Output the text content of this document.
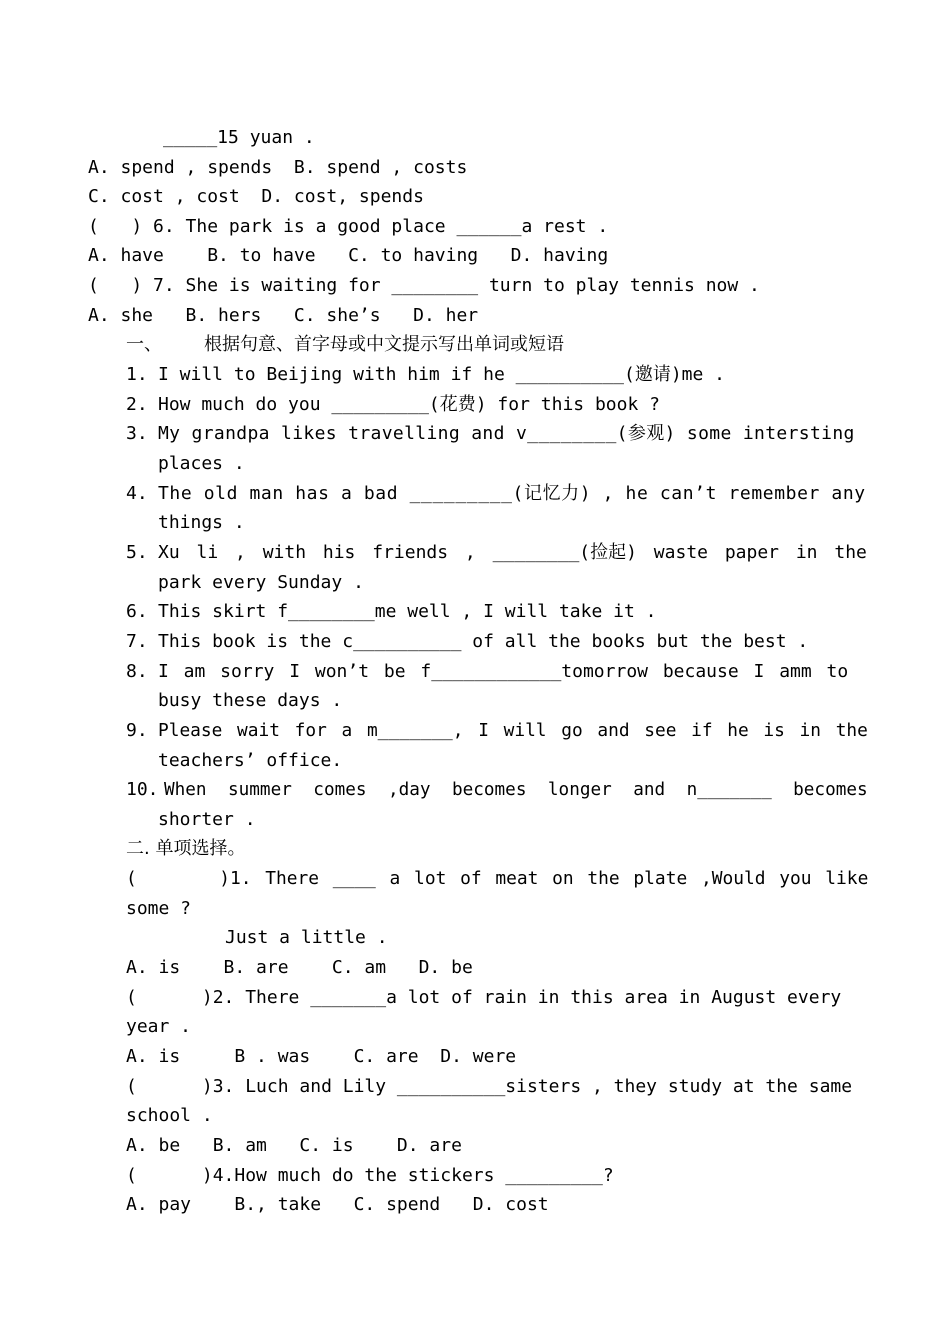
_____15 yuan .
A. spend , spends  B. spend , costs
C. cost , cost  D. cost, spends
(   ) 6. The park is a good place ______a rest .
A. have    B. to have   C. to having   D. having
(   ) 7. She is waiting for ________ turn to play tennis now .
A. she   B. hers   C. she’s   D. her
一、 根据句意、首字母或中文提示写出单词或短语
1. I will to Beijing with him if he __________(邀请)me .
2. How much do you _________(花费) for this book ?
3. My grandpa likes travelling and v________(参观) some intersting
places .
4. The old man has a bad _________(记忆力) , he can’t remember any
things .
5. Xu li , with his friends , ________(捡起) waste paper in the
park every Sunday .
6. This skirt f________me well , I will take it .
7. This book is the c__________ of all the books but the best .
8. I am sorry I won’t be f____________tomorrow because I amm to
busy these days .
9. Please wait for a m_______, I will go and see if he is in the
teachers’ office.
10. When summer comes ,day becomes longer and n_______ becomes
shorter .
二. 单项选择。
(      )1. There ____ a lot of meat on the plate ,Would you like
some ?
Just a little .
A. is    B. are    C. am   D. be
(      )2. There _______a lot of rain in this area in August every
year .
A. is     B . was    C. are  D. were
(      )3. Luch and Lily __________sisters , they study at the same
school .
A. be   B. am   C. is    D. are
(      )4.How much do the stickers _________?
A. pay    B., take   C. spend   D. cost
